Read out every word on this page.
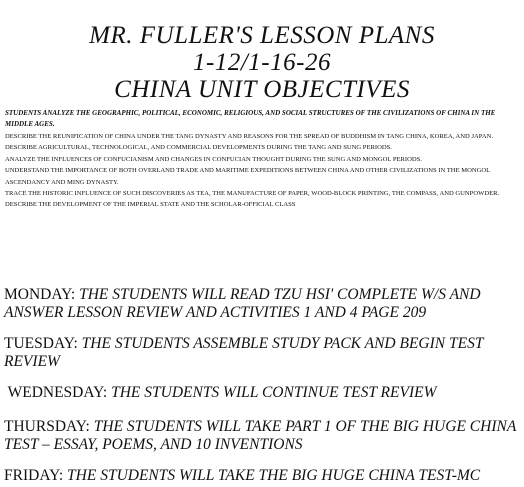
MR. FULLER'S LESSON PLANS
1-12/1-16-26
CHINA UNIT OBJECTIVES
STUDENTS ANALYZE THE GEOGRAPHIC, POLITICAL, ECONOMIC, RELIGIOUS, AND SOCIAL STRUCTURES OF THE CIVILIZATIONS OF CHINA IN THE MIDDLE AGES.
DESCRIBE THE REUNIFICATION OF CHINA UNDER THE TANG DYNASTY AND REASONS FOR THE SPREAD OF BUDDHISM IN TANG CHINA, KOREA, AND JAPAN.
DESCRIBE AGRICULTURAL, TECHNOLOGICAL, AND COMMERCIAL DEVELOPMENTS DURING THE TANG AND SUNG PERIODS.
ANALYZE THE INFLUENCES OF CONFUCIANISM AND CHANGES IN CONFUCIAN THOUGHT DURING THE SUNG AND MONGOL PERIODS.
UNDERSTAND THE IMPORTANCE OF BOTH OVERLAND TRADE AND MARITIME EXPEDITIONS BETWEEN CHINA AND OTHER CIVILIZATIONS IN THE MONGOL ASCENDANCY AND MING DYNASTY.
TRACE THE HISTORIC INFLUENCE OF SUCH DISCOVERIES AS TEA, THE MANUFACTURE OF PAPER, WOOD-BLOCK PRINTING, THE COMPASS, AND GUNPOWDER.
DESCRIBE THE DEVELOPMENT OF THE IMPERIAL STATE AND THE SCHOLAR-OFFICIAL CLASS
MONDAY: THE STUDENTS WILL READ TZU HSI' COMPLETE W/S AND ANSWER LESSON REVIEW AND ACTIVITIES 1 AND 4 PAGE 209
TUESDAY: THE STUDENTS ASSEMBLE STUDY PACK AND BEGIN TEST REVIEW
WEDNESDAY: THE STUDENTS WILL CONTINUE TEST REVIEW
THURSDAY: THE STUDENTS WILL TAKE PART 1 OF THE BIG HUGE CHINA TEST – ESSAY, POEMS, AND 10 INVENTIONS
FRIDAY: THE STUDENTS WILL TAKE THE BIG HUGE CHINA TEST-MC
